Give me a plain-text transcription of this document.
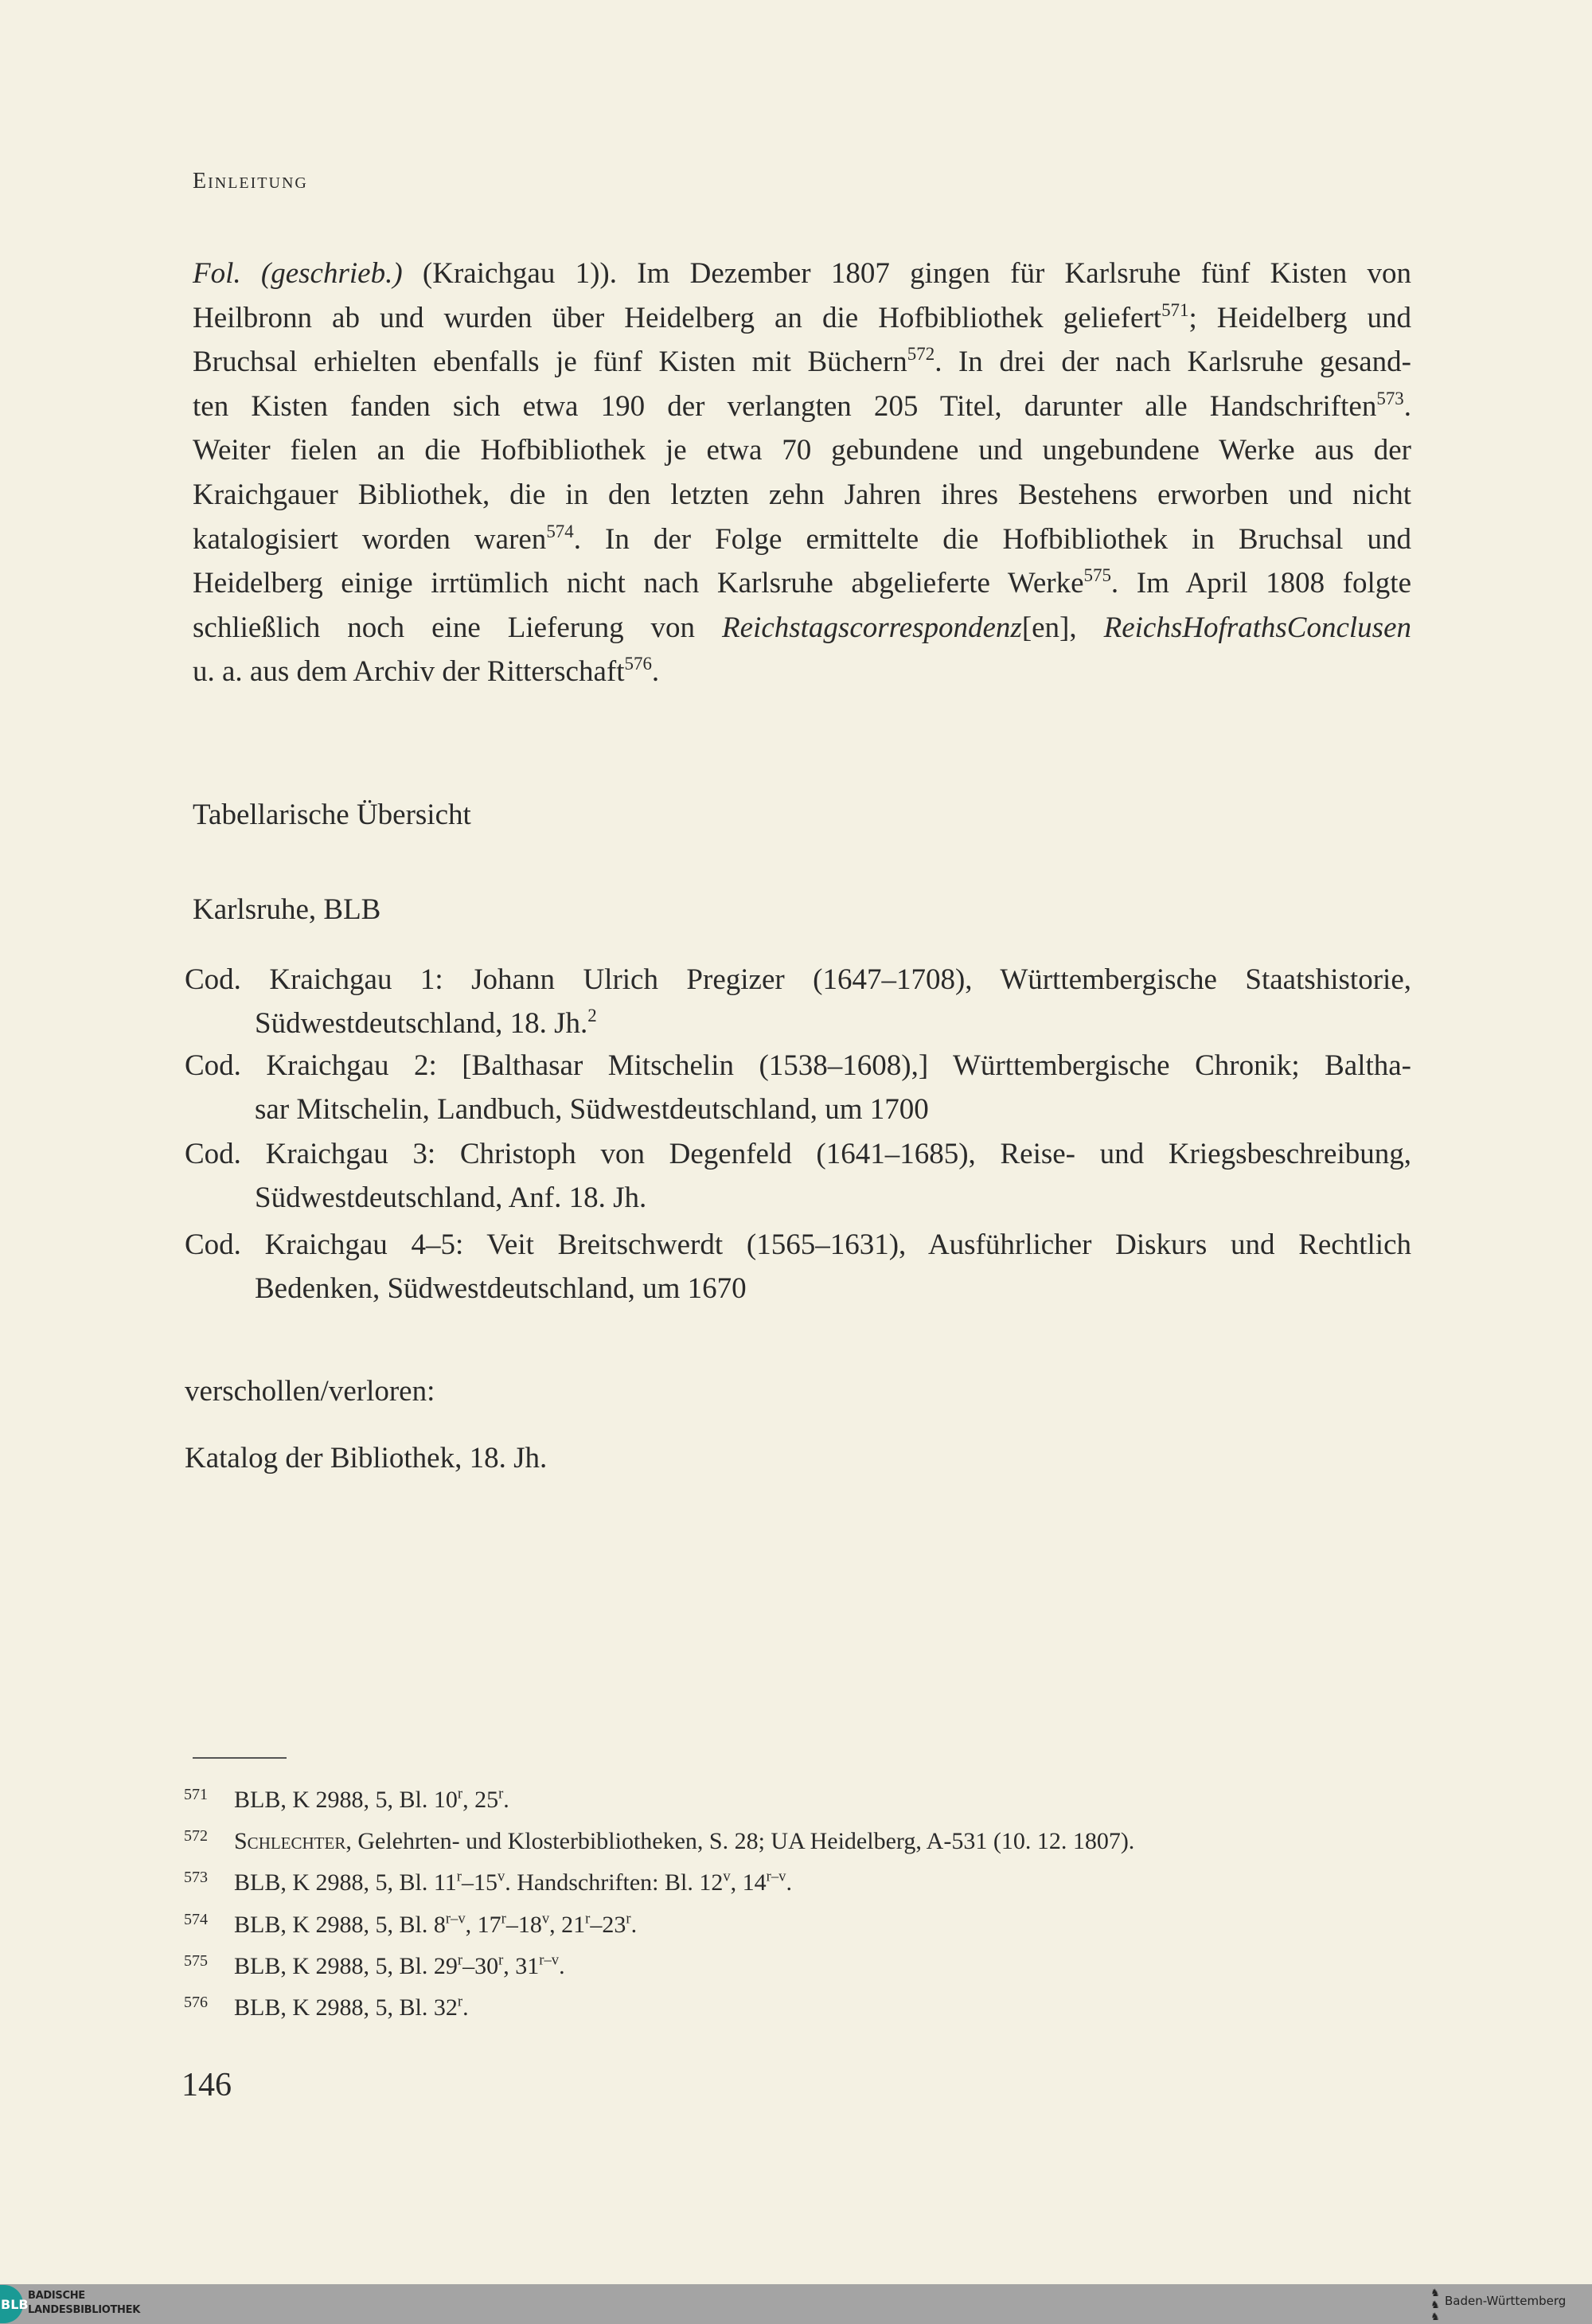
Einleitung
Fol. (geschrieb.) (Kraichgau 1)). Im Dezember 1807 gingen für Karlsruhe fünf Kisten von
Heilbronn ab und wurden über Heidelberg an die Hofbibliothek geliefert$^{571}$; Heidelberg und
Bruchsal erhielten ebenfalls je fünf Kisten mit Büchern$^{572}$. In drei der nach Karlsruhe gesand-
ten Kisten fanden sich etwa 190 der verlangten 205 Titel, darunter alle Handschriften$^{573}$.
Weiter fielen an die Hofbibliothek je etwa 70 gebundene und ungebundene Werke aus der
Kraichgauer Bibliothek, die in den letzten zehn Jahren ihres Bestehens erworben und nicht
katalogisiert worden waren$^{574}$. In der Folge ermittelte die Hofbibliothek in Bruchsal und
Heidelberg einige irrtümlich nicht nach Karlsruhe abgelieferte Werke$^{575}$. Im April 1808 folgte
schließlich noch eine Lieferung von Reichstagscorrespondenz[en], ReichsHofrathsConclusen
u. a. aus dem Archiv der Ritterschaft$^{576}$.
Tabellarische Übersicht
Karlsruhe, BLB
Cod. Kraichgau 1: Johann Ulrich Pregizer (1647–1708), Württembergische Staatshistorie,
Südwestdeutschland, 18. Jh.$^2$
Cod. Kraichgau 2: [Balthasar Mitschelin (1538–1608),] Württembergische Chronik; Baltha-
sar Mitschelin, Landbuch, Südwestdeutschland, um 1700
Cod. Kraichgau 3: Christoph von Degenfeld (1641–1685), Reise- und Kriegsbeschreibung,
Südwestdeutschland, Anf. 18. Jh.
Cod. Kraichgau 4–5: Veit Breitschwerdt (1565–1631), Ausführlicher Diskurs und Rechtlich
Bedenken, Südwestdeutschland, um 1670
verschollen/verloren:
Katalog der Bibliothek, 18. Jh.
571 BLB, K 2988, 5, Bl. 10$^r$, 25$^r$.
572 Schlechter, Gelehrten- und Klosterbibliotheken, S. 28; UA Heidelberg, A-531 (10. 12. 1807).
573 BLB, K 2988, 5, Bl. 11$^r$–15$^v$. Handschriften: Bl. 12$^v$, 14$^{r-v}$.
574 BLB, K 2988, 5, Bl. 8$^{r-v}$, 17$^r$–18$^v$, 21$^r$–23$^r$.
575 BLB, K 2988, 5, Bl. 29$^r$–30$^r$, 31$^{r-v}$.
576 BLB, K 2988, 5, Bl. 32$^r$.
146
BLB
BADISCHE
LANDESBIBLIOTHEK
♞
♞
♞
Baden-Württemberg
